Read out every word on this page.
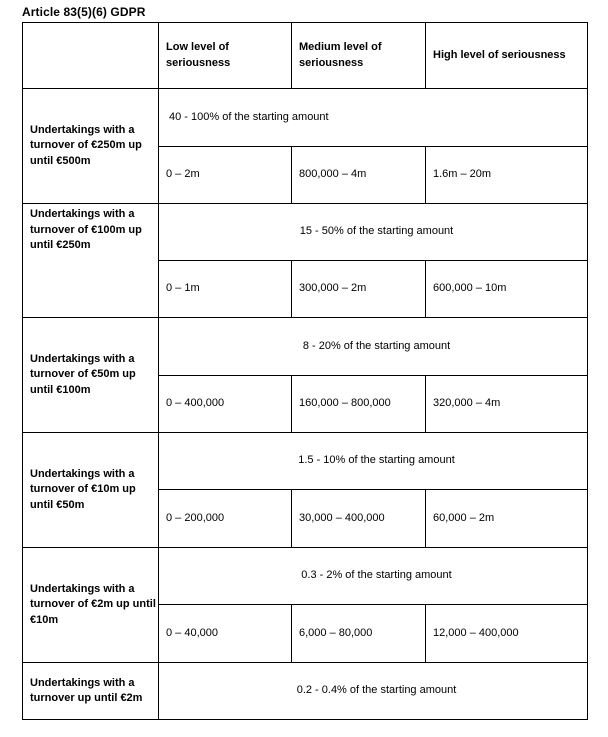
Article 83(5)(6) GDPR
	Low level of seriousness	Medium level of seriousness	High level of seriousness
Undertakings with a turnover of €250m up until €500m	40 - 100% of the starting amount		
	0 – 2m	800,000 – 4m	1.6m – 20m
Undertakings with a turnover of €100m up until €250m	15 - 50% of the starting amount		
	0 – 1m	300,000 – 2m	600,000 – 10m
Undertakings with a turnover of €50m up until €100m	8 - 20% of the starting amount		
	0 – 400,000	160,000 – 800,000	320,000 – 4m
Undertakings with a turnover of €10m up until €50m	1.5 - 10% of the starting amount		
	0 – 200,000	30,000 – 400,000	60,000 – 2m
Undertakings with a turnover of €2m up until €10m	0.3 - 2% of the starting amount		
	0 – 40,000	6,000 – 80,000	12,000 – 400,000
Undertakings with a turnover up until €2m	0.2 - 0.4% of the starting amount		
